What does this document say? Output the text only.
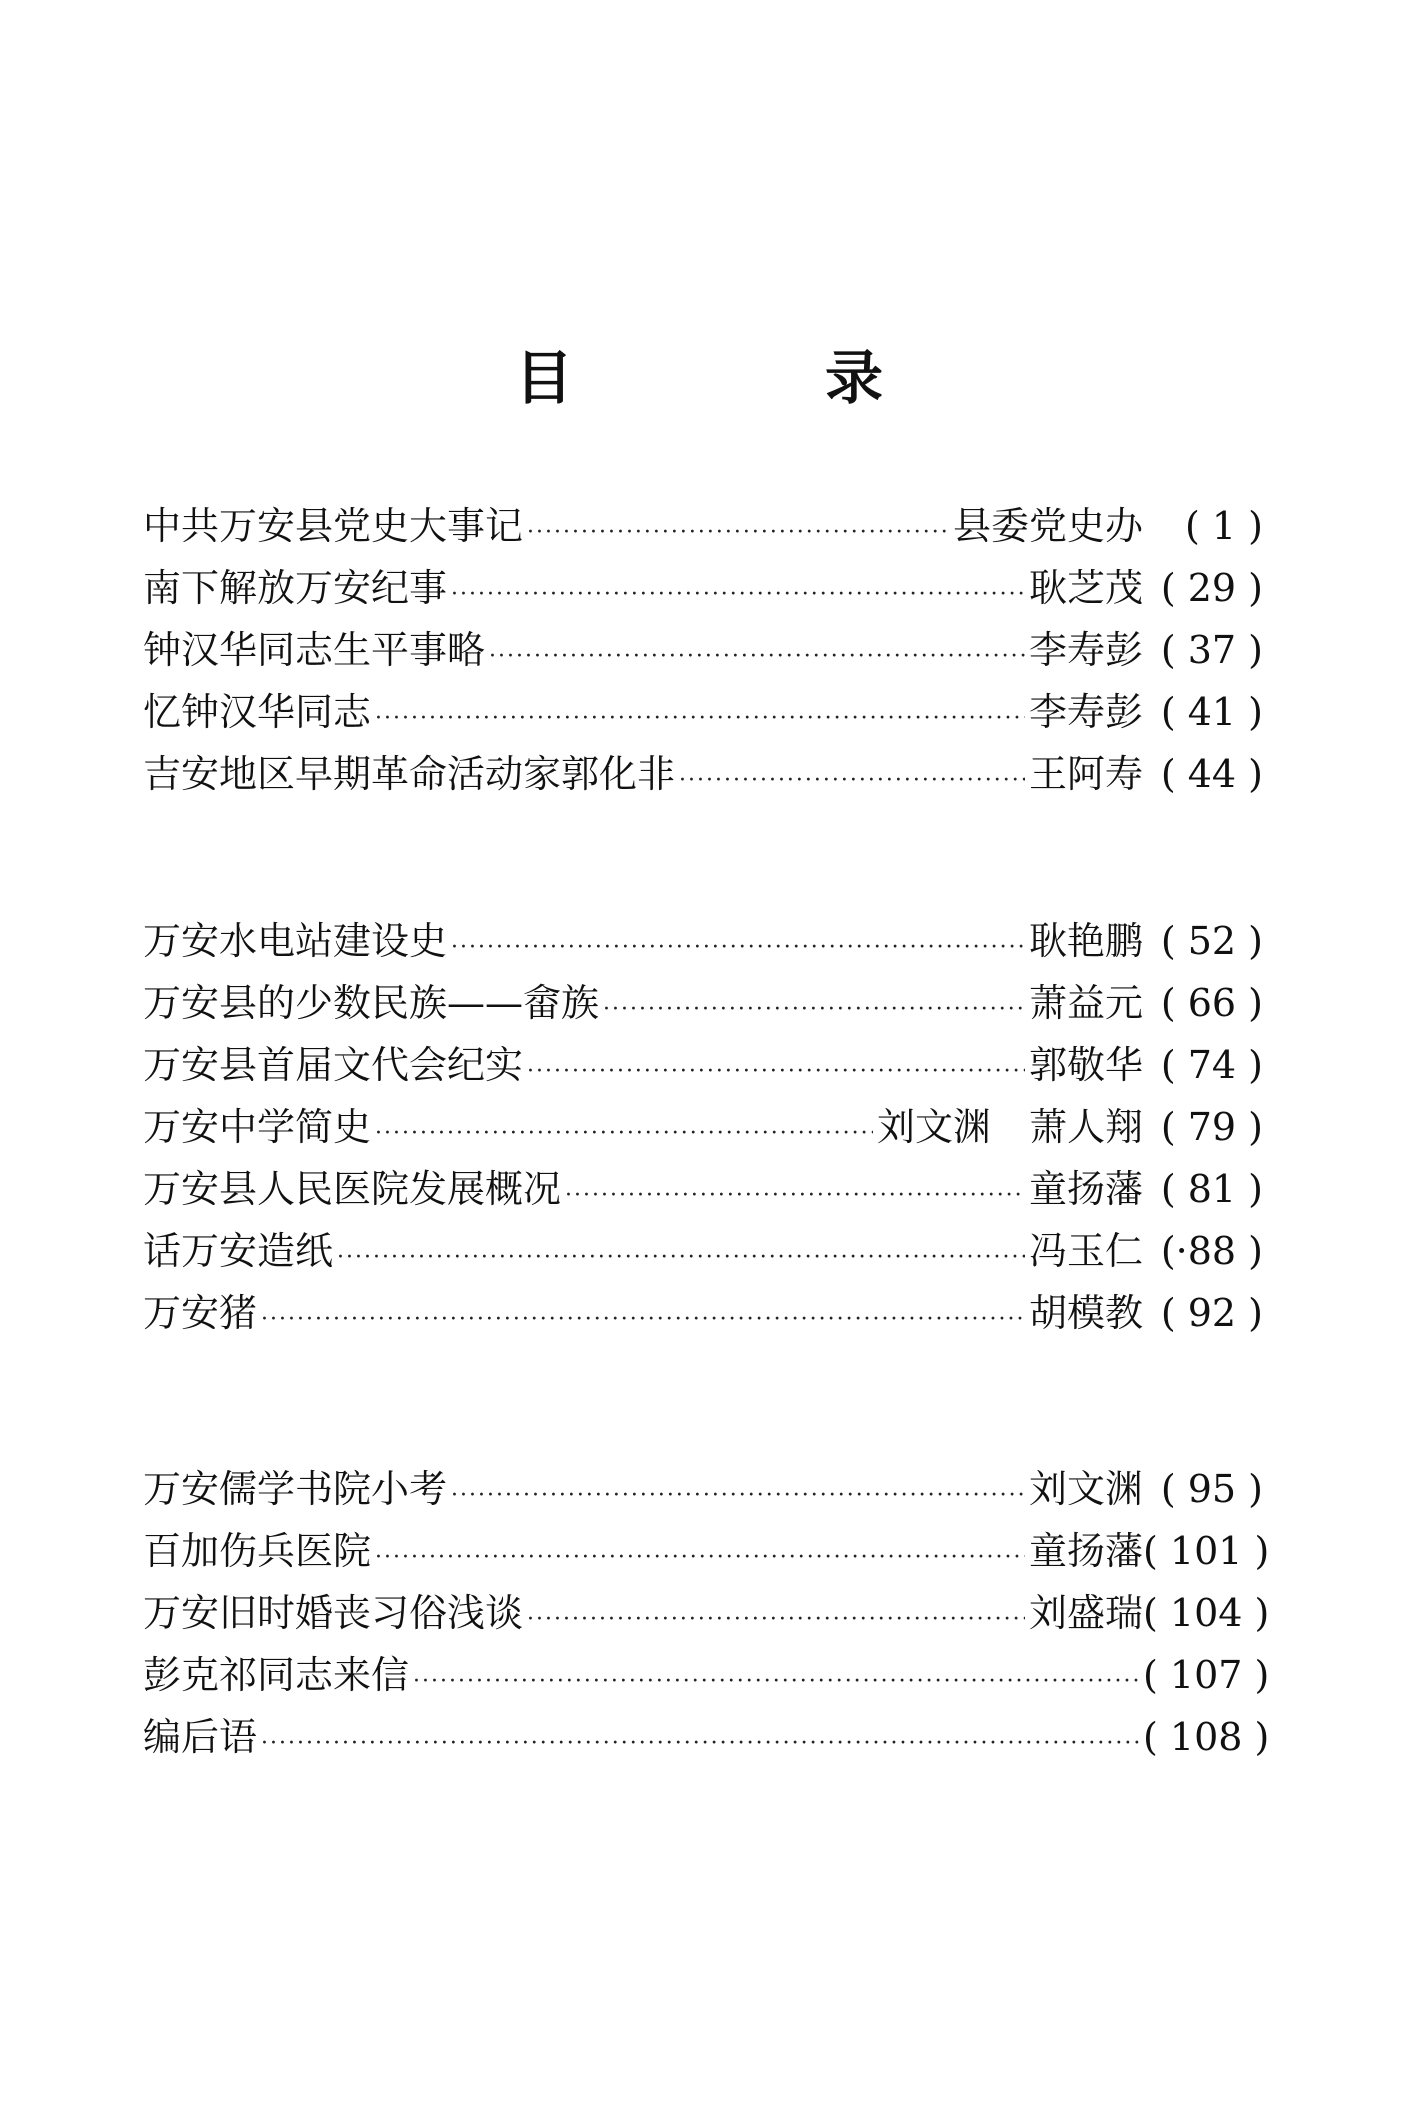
目	录
中共万安县党史大事记 ·····	县委党史办	( 1 )
南下解放万安纪事 ·····	耿芝茂 ( 29 )
钟汉华同志生平事略 ·····	李寿彭 ( 37 )
忆钟汉华同志 ·····	李寿彭 ( 41 )
吉安地区早期革命活动家郭化非 ·····	王阿寿 ( 44 )
万安水电站建设史 ·····	耿艳鹏 ( 52 )
万安县的少数民族——畲族 ·····	萧益元 ( 66 )
万安县首届文代会纪实 ·····	郭敬华 ( 74 )
万安中学简史 ·····	刘文渊　萧人翔 ( 79 )
万安县人民医院发展概况 ·····	童扬藩 ( 81 )
话万安造纸 ·····	冯玉仁 (·88 )
万安猪 ·····	胡模教 ( 92 )
万安儒学书院小考 ·····	刘文渊 ( 95 )
百加伤兵医院 ·····	童扬藩 ( 101 )
万安旧时婚丧习俗浅谈 ·····	刘盛瑞 ( 104 )
彭克祁同志来信 ·····	( 107 )
编后语 ·····	( 108 )
